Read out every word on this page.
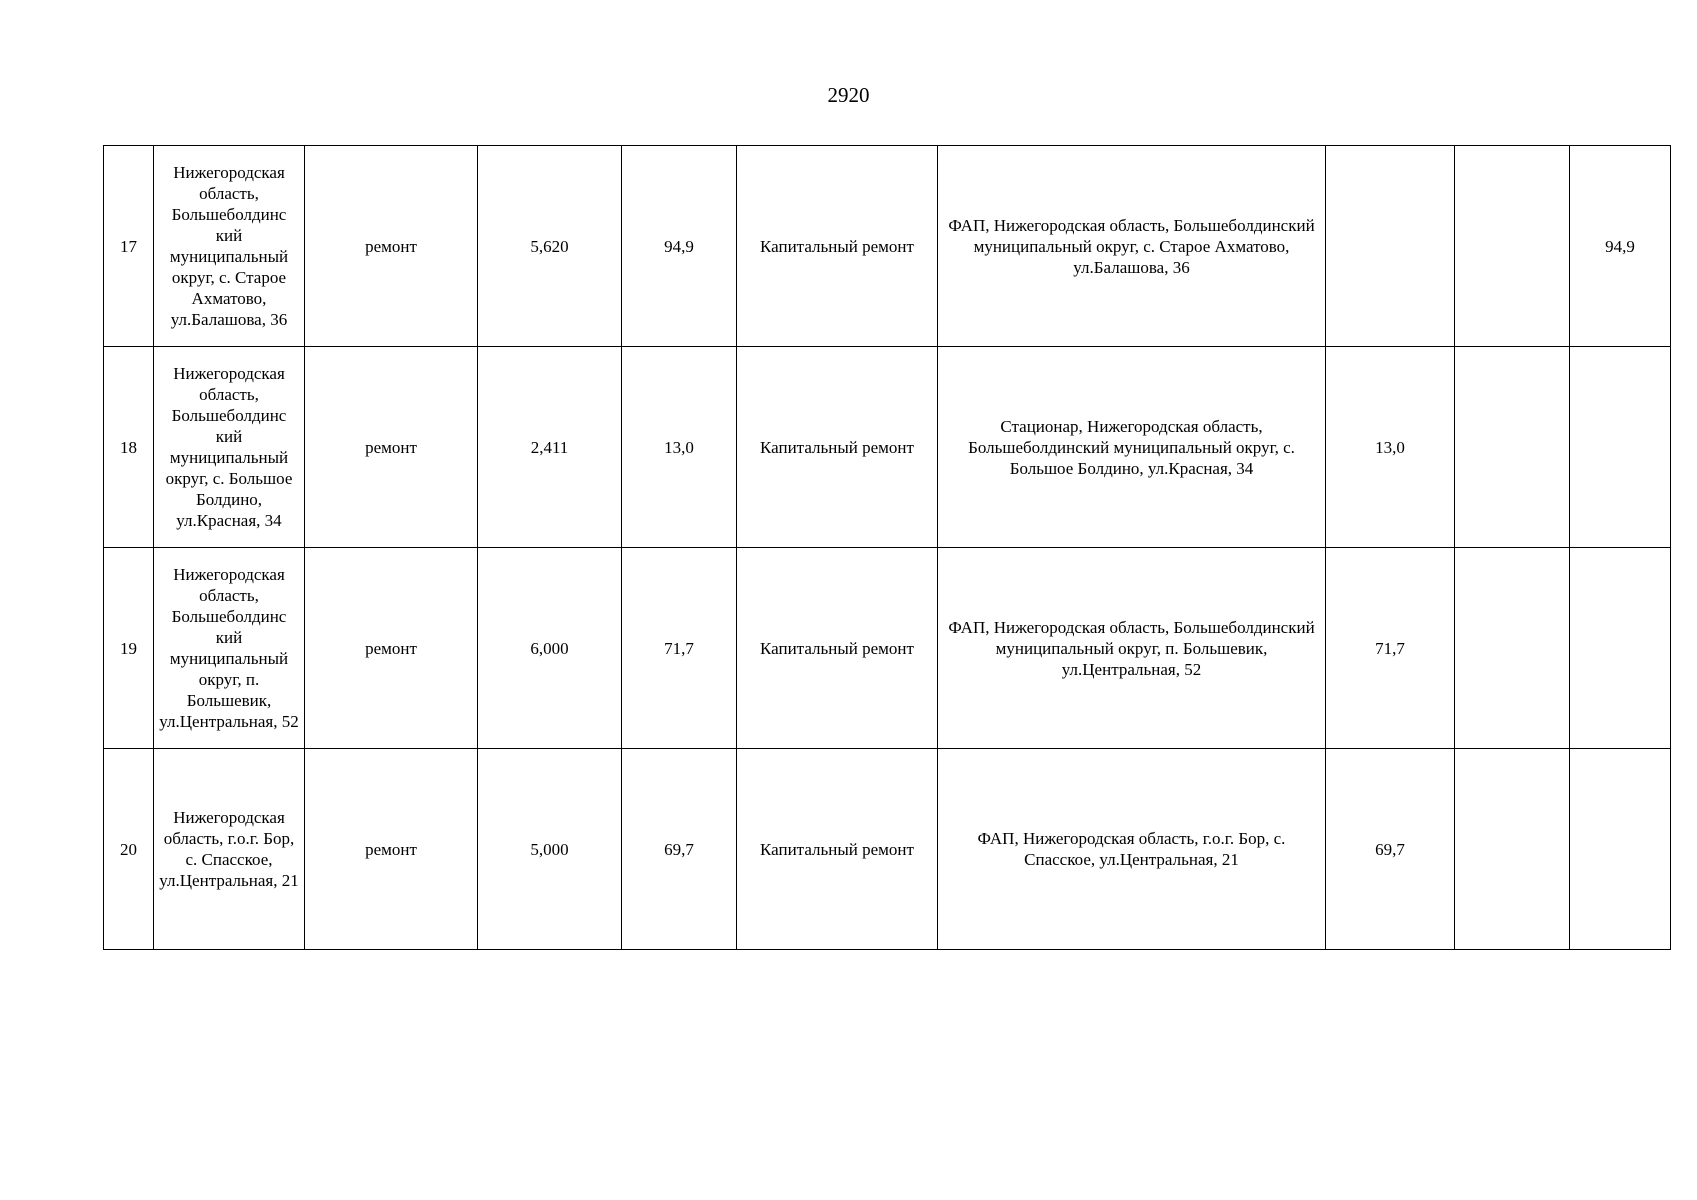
2920
17	Нижегородская область, Большеболдинс кий муниципальный округ, с. Старое Ахматово, ул.Балашова, 36	ремонт	5,620	94,9	Капитальный ремонт	ФАП, Нижегородская область, Большеболдинский муниципальный округ, с. Старое Ахматово, ул.Балашова, 36			94,9
18	Нижегородская область, Большеболдинс кий муниципальный округ, с. Большое Болдино, ул.Красная, 34	ремонт	2,411	13,0	Капитальный ремонт	Стационар, Нижегородская область, Большеболдинский муниципальный округ, с. Большое Болдино, ул.Красная, 34	13,0		
19	Нижегородская область, Большеболдинс кий муниципальный округ, п. Большевик, ул.Центральная, 52	ремонт	6,000	71,7	Капитальный ремонт	ФАП, Нижегородская область, Большеболдинский муниципальный округ, п. Большевик, ул.Центральная, 52	71,7		
20	Нижегородская область, г.о.г. Бор, с. Спасское, ул.Центральная, 21	ремонт	5,000	69,7	Капитальный ремонт	ФАП, Нижегородская область, г.о.г. Бор, с. Спасское, ул.Центральная, 21	69,7		
